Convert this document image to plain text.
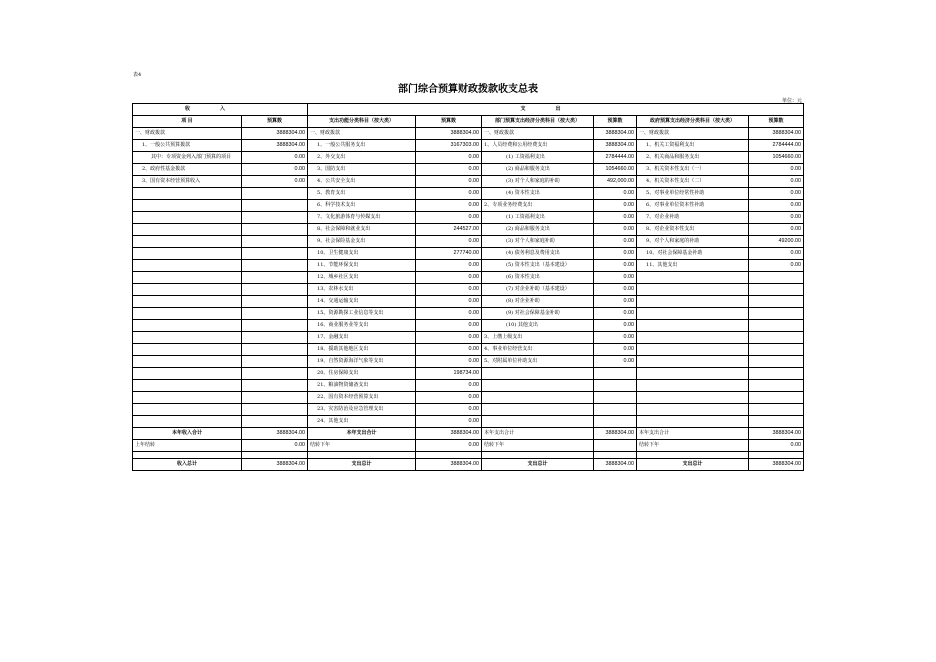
表4
部门综合预算财政拨款收支总表
单位：元
收入		支出					
项 目	预算数	支出功能分类科目（按大类）	预算数	部门预算支出经济分类科目（按大类）	预算数	政府预算支出经济分类科目（按大类）	预算数
一、财政拨款	3888304.00	一、财政拨款	3888304.00	一、财政拨款	3888304.00	一、财政拨款	3888304.00
1、一般公共预算拨款	3888304.00	1、一般公共服务支出	3167303.00	1、人员经费和公用经费支出	3888304.00	1、机关工资福利支出	2784444.00
其中：专项资金列入部门预算的项目	0.00	2、外交支出	0.00	(1) 工资福利支出	2784444.00	2、机关商品和服务支出	1054660.00
2、政府性基金拨款	0.00	3、国防支出	0.00	(2) 商品和服务支出	1054660.00	3、机关资本性支出（一）	0.00
3、国有资本经营预算收入	0.00	4、公共安全支出	0.00	(3) 对个人和家庭的补助	492,000.00	4、机关资本性支出（二）	0.00
		5、教育支出	0.00	(4) 资本性支出	0.00	5、对事业单位经常性补助	0.00
		6、科学技术支出	0.00	2、专项业务经费支出	0.00	6、对事业单位资本性补助	0.00
		7、文化旅游体育与传媒支出	0.00	(1) 工资福利支出	0.00	7、对企业补助	0.00
		8、社会保障和就业支出	244527.00	(2) 商品和服务支出	0.00	8、对企业资本性支出	0.00
		9、社会保险基金支出	0.00	(3) 对个人和家庭补助	0.00	9、对个人和家庭的补助	49200.00
		10、卫生健康支出	277740.00	(4) 债务利息及费用支出	0.00	10、对社会保障基金补助	0.00
		11、节能环保支出	0.00	(5) 资本性支出（基本建设）	0.00	11、其他支出	0.00
		12、城乡社区支出	0.00	(6) 资本性支出	0.00		
		13、农林水支出	0.00	(7) 对企业补助（基本建设）	0.00		
		14、交通运输支出	0.00	(8) 对企业补助	0.00		
		15、资源勘探工业信息等支出	0.00	(9) 对社会保障基金补助	0.00		
		16、商业服务业等支出	0.00	(10) 其他支出	0.00		
		17、金融支出	0.00	3、上缴上级支出	0.00		
		18、援助其他地区支出	0.00	4、事业单位经营支出	0.00		
		19、自然资源海洋气象等支出	0.00	5、对附属单位补助支出	0.00		
		20、住房保障支出	198734.00				
		21、粮油物资储备支出	0.00				
		22、国有资本经营预算支出	0.00				
		23、灾害防治及应急管理支出	0.00				
		24、其他支出	0.00				
本年收入合计	3888304.00	本年支出合计	3888304.00	本年支出合计	3888304.00	本年支出合计	3888304.00
上年结转	0.00	结转下年	0.00	结转下年		结转下年	0.00

收入总计	3888304.00	支出总计	3888304.00	支出总计	3888304.00	支出总计	3888304.00
